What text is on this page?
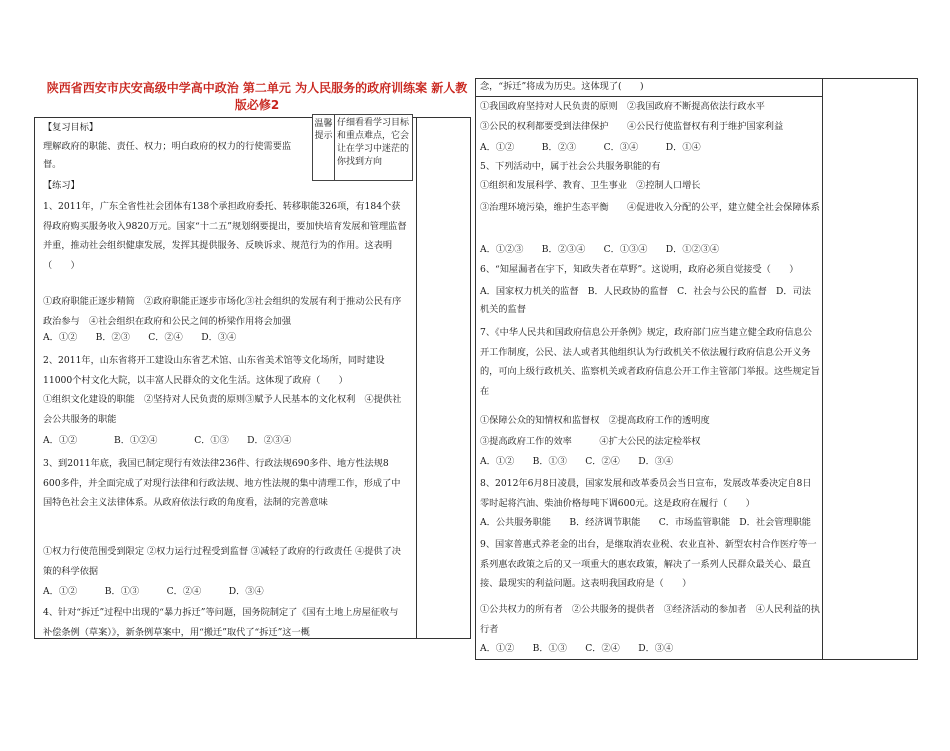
陕西省西安市庆安高级中学高中政治 第二单元 为人民服务的政府训练案 新人教版必修2
温馨提示
仔细看看学习目标和重点难点，它会让在学习中迷茫的你找到方向
【复习目标】
理解政府的职能、责任、权力；明白政府的权力的行使需要监督。
【练习】
1、2011年，广东全省性社会团体有138个承担政府委托、转移职能326项，有184个获得政府购买服务收入9820万元。国家“十二五”规划纲要提出，要加快培育发展和管理监督并重，推动社会组织健康发展，发挥其提供服务、反映诉求、规范行为的作用。这表明（　　）
①政府职能正逐步精简　②政府职能正逐步市场化③社会组织的发展有利于推动公民有序政治参与　④社会组织在政府和公民之间的桥梁作用将会加强
A．①②　　B．②③　　C．②④　　D．③④
2、2011年，山东省将开工建设山东省艺术馆、山东省美术馆等文化场所，同时建设11000个村文化大院，以丰富人民群众的文化生活。这体现了政府（　　）
①组织文化建设的职能　②坚持对人民负责的原则③赋予人民基本的文化权利　④提供社会公共服务的职能
A．①②　　　　B．①②④　　　　C．①③　　D．②③④
3、到2011年底，我国已制定现行有效法律236件、行政法规690多件、地方性法规8 600多件，并全面完成了对现行法律和行政法规、地方性法规的集中清理工作，形成了中国特色社会主义法律体系。从政府依法行政的角度看，法制的完善意味
①权力行使范围受到限定 ②权力运行过程受到监督 ③减轻了政府的行政责任 ④提供了决策的科学依据
A．①②　　　B．①③　　　C．②④　　　D．③④
4、针对“拆迁”过程中出现的“暴力拆迁”等问题，国务院制定了《国有土地上房屋征收与补偿条例（草案）》，新条例草案中，用“搬迁”取代了“拆迁”这一概
念，“拆迁”将成为历史。这体现了(　　)
①我国政府坚持对人民负责的原则　②我国政府不断提高依法行政水平
③公民的权利都要受到法律保护　　④公民行使监督权有利于维护国家利益
A．①②　　　B．②③　　　C．③④　　　D．①④
5、下列活动中，属于社会公共服务职能的有
①组织和发展科学、教育、卫生事业　②控制人口增长
③治理环境污染，维护生态平衡　　④促进收入分配的公平，建立健全社会保障体系
A．①②③　　B．②③④　　C．①③④　　D．①②③④
6、“知屋漏者在宇下，知政失者在草野”。这说明，政府必须自觉接受（　　）
A．国家权力机关的监督　B．人民政协的监督　C．社会与公民的监督　D．司法机关的监督
7、《中华人民共和国政府信息公开条例》规定，政府部门应当建立健全政府信息公开工作制度，公民、法人或者其他组织认为行政机关不依法履行政府信息公开义务的，可向上级行政机关、监察机关或者政府信息公开工作主管部门举报。这些规定旨在
①保障公众的知情权和监督权　②提高政府工作的透明度
③提高政府工作的效率　　　④扩大公民的法定检举权
A．①②　　B．①③　　C．②④　　D．③④
8、2012年6月8日凌晨，国家发展和改革委员会当日宣布，发展改革委决定自8日零时起将汽油、柴油价格每吨下调600元。这是政府在履行（　　）
A．公共服务职能　　B．经济调节职能　　C．市场监管职能　D．社会管理职能
9、国家普惠式养老金的出台，是继取消农业税、农业直补、新型农村合作医疗等一系列惠农政策之后的又一项重大的惠农政策，解决了一系列人民群众最关心、最直接、最现实的利益问题。这表明我国政府是（　　）
①公共权力的所有者　②公共服务的提供者　③经济活动的参加者　④人民利益的执行者
A．①②　　B．①③　　C．②④　　D．③④
